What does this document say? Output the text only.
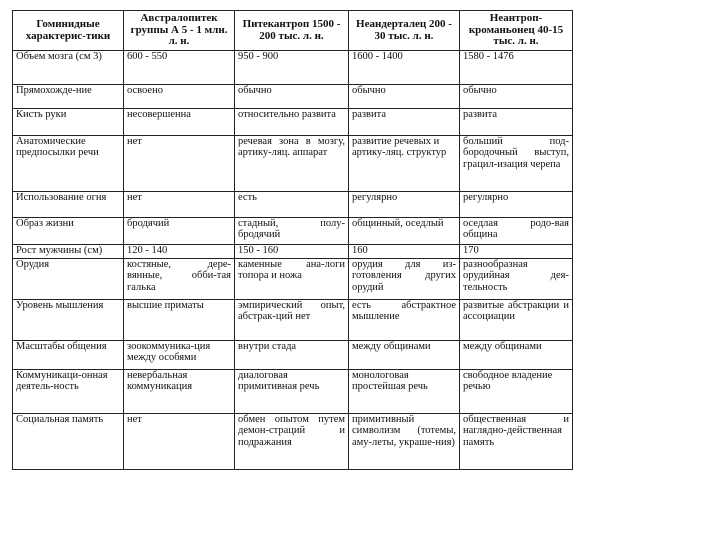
Гоминидные характерис-тики	Австралопитек группы А 5 - 1 млн. л. н.	Питекантроп 1500 - 200 тыс. л. н.	Неандерталец 200 - 30 тыс. л. н.	Неантроп-кроманьонец 40-15 тыс. л. н.
Объем мозга (см 3)	600 - 550	950 - 900	1600 - 1400	1580 - 1476
Прямохожде-ние	освоено	обычно	обычно	обычно
Кисть руки	несовершенна	относительно развита	развита	развита
Анатомические предпосылки речи	нет	речевая зона в мозгу, артику-ляц. аппарат	развитие речевых и артику-ляц. структур	больший под-бородочный выступ, грацил-изация черепа
Использование огня	нет	есть	регулярно	регулярно
Образ жизни	бродячий	стадный, полу-бродячий	общинный, оседлый	оседлая родо-вая община
Рост мужчины (см)	120 - 140	150 - 160	160	170
Орудия	костяные, дере-вянные, обби-тая галька	каменные ана-логи топора и ножа	орудия для из-готовления других орудий	разнообразная орудийная дея-тельность
Уровень мышления	высшие приматы	эмпирический опыт, абстрак-ций нет	есть абстрактное мышление	развитые абстракции и ассоциации
Масштабы общения	зоокоммуника-ция между особями	внутри стада	между общинами	между общинами
Коммуникаци-онная деятель-ность	невербальная коммуникация	диалоговая примитивная речь	монологовая простейшая речь	свободное владение речью
Социальная память	нет	обмен опытом путем демон-страций и подражания	примитивный символизм (тотемы, аму-леты, украше-ния)	общественная и наглядно-действенная память
